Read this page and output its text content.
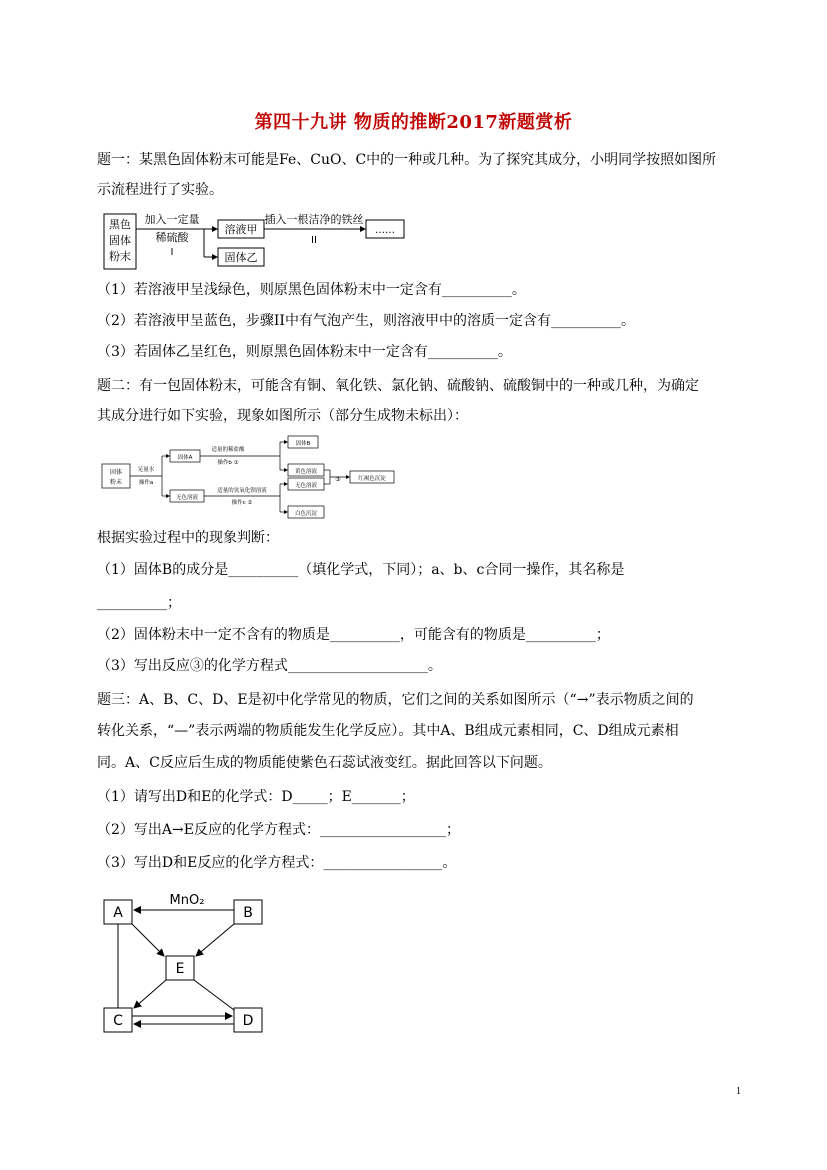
第四十九讲 物质的推断2017新题赏析
题一：某黑色固体粉末可能是Fe、CuO、C中的一种或几种。为了探究其成分，小明同学按照如图所
示流程进行了实验。
黑色
固体
粉末
加入一定量
稀硫酸
I
溶液甲
固体乙
插入一根洁净的铁丝
II
……
（1）若溶液甲呈浅绿色，则原黑色固体粉末中一定含有__________。
（2）若溶液甲呈蓝色，步骤II中有气泡产生，则溶液甲中的溶质一定含有__________。
（3）若固体乙呈红色，则原黑色固体粉末中一定含有__________。
题二：有一包固体粉末，可能含有铜、氧化铁、氯化钠、硫酸钠、硫酸铜中的一种或几种，为确定
其成分进行如下实验，现象如图所示（部分生成物未标出）：
固体
粉末
足量水
操作a
固体A
无色溶液
适量的稀盐酸
操作b ①
固体B
黄色溶液
适量的氢氧化钡溶液
操作c ②
无色溶液
白色沉淀
③	红褐色沉淀
根据实验过程中的现象判断：
（1）固体B的成分是__________（填化学式，下同）；a、b、c合同一操作，其名称是
__________；
（2）固体粉末中一定不含有的物质是__________，可能含有的物质是__________；
（3）写出反应③的化学方程式____________________。
题三：A、B、C、D、E是初中化学常见的物质，它们之间的关系如图所示（“→”表示物质之间的
转化关系，“—”表示两端的物质能发生化学反应）。其中A、B组成元素相同，C、D组成元素相
同。A、C反应后生成的物质能使紫色石蕊试液变红。据此回答以下问题。
（1）请写出D和E的化学式：D_____；E_______；
（2）写出A→E反应的化学方程式：__________________；
（3）写出D和E反应的化学方程式：_________________。
A	B
E
C	D
MnO₂
1
